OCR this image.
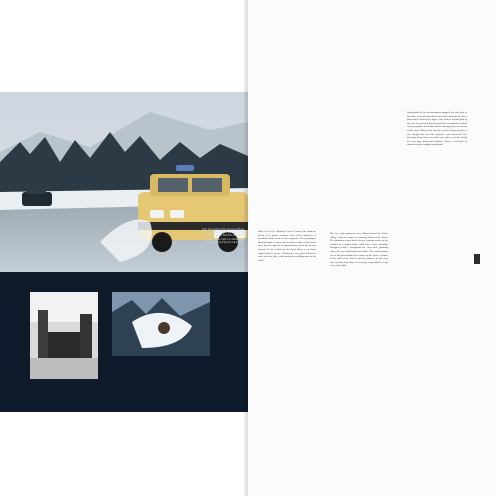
Left: Teresa (Tracy) Di Vicenzo & Bond race car to the hotel at high speed on an icy road chased by Blofeld's henchmen. Right and far right: two behind-the-scenes stills showing the action crew.
Back in On Her Majesty's Secret Service the stunt-car action in a quaint roadside town offers audiences a breathless finale to the ice race sequence. The car plunges through banks of snow, and as drivers slide on the frozen track into the path of an approaching crowd the tension mounts. It was a first for the Bond films: a car chase staged entirely on ice. Filming the race proved hard on crew and cars alike, with stunt drivers taking turns at the wheel.
The icy road sequences were filmed around the Swiss village, with the camera car running ahead of the action. The production team had to keep a constant watch on the weather as a sudden thaw could ruin a day's shooting. Designers built a storyboard for each shot, planning where the cars would spin and collide. The result remains one of the most admired car chases in the series, a tribute to the skill of the drivers and the patience of the crew who worked long days in freezing temperatures to get every shot right.
Storyboards by the art department mapped out each beat of the chase, from the first skid to the final crash into the barn. Each frame showed the angle of the camera and the path of the cars. Second unit director and stunt coordinator worked closely together to translate these drawings into real action on the snow. Many of the sketches survive today and give a rare insight into how the sequence was conceived. The drawings shown here reveal the care taken over the timing of every spin, jump and collision. Above: a selection of frames from the original storyboard.
